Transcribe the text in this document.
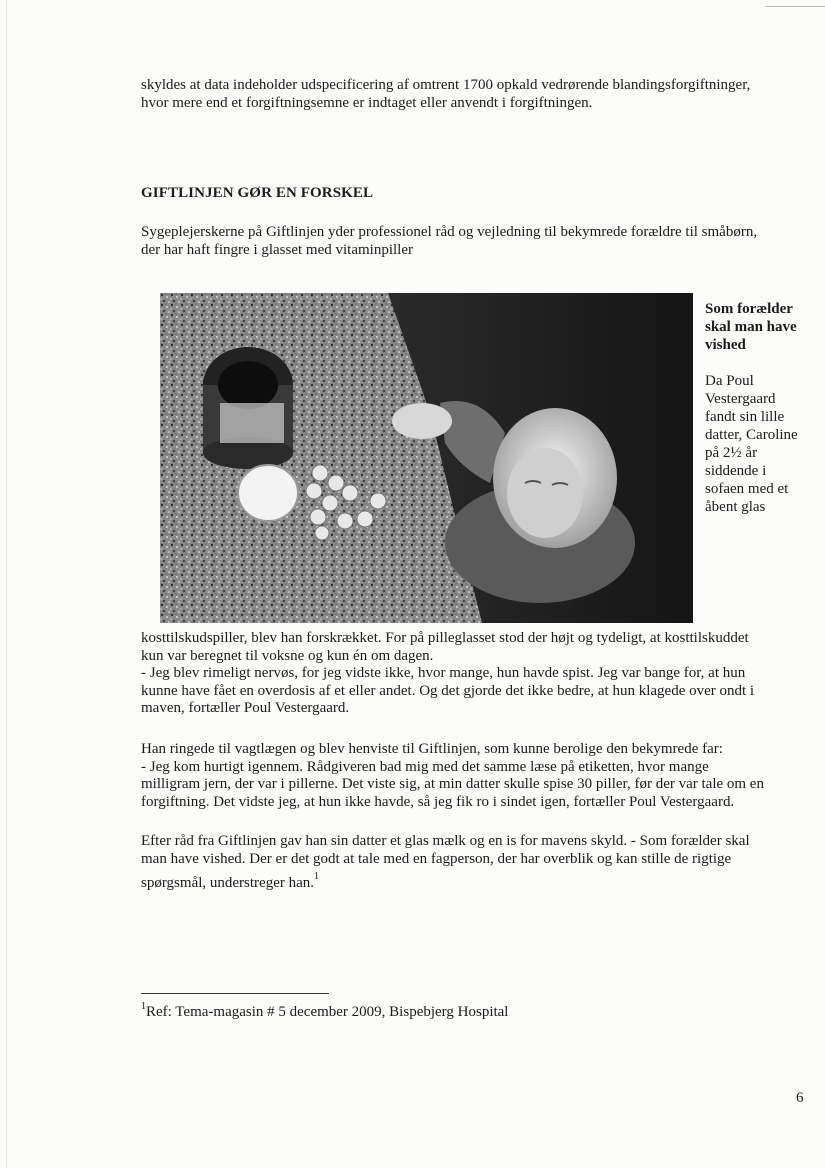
skyldes at data indeholder udspecificering af omtrent 1700 opkald vedrørende blandingsforgiftninger,
hvor mere end et forgiftningsemne er indtaget eller anvendt i forgiftningen.
GIFTLINJEN GØR EN FORSKEL
Sygeplejerskerne på Giftlinjen yder professionel råd og vejledning til bekymrede forældre til småbørn,
der har haft fingre i glasset med vitaminpiller
Som forælder
skal man have
vished
Da Poul
Vestergaard
fandt sin lille
datter, Caroline
på 2½ år
siddende i
sofaen med et
åbent glas
kosttilskudspiller, blev han forskrækket. For på pilleglasset stod der højt og tydeligt, at kosttilskuddet
kun var beregnet til voksne og kun én om dagen.
- Jeg blev rimeligt nervøs, for jeg vidste ikke, hvor mange, hun havde spist. Jeg var bange for, at hun
kunne have fået en overdosis af et eller andet. Og det gjorde det ikke bedre, at hun klagede over ondt i
maven, fortæller Poul Vestergaard.
Han ringede til vagtlægen og blev henviste til Giftlinjen, som kunne berolige den bekymrede far:
- Jeg kom hurtigt igennem. Rådgiveren bad mig med det samme læse på etiketten, hvor mange
milligram jern, der var i pillerne. Det viste sig, at min datter skulle spise 30 piller, før der var tale om en
forgiftning. Det vidste jeg, at hun ikke havde, så jeg fik ro i sindet igen, fortæller Poul Vestergaard.
Efter råd fra Giftlinjen gav han sin datter et glas mælk og en is for mavens skyld. - Som forælder skal
man have vished. Der er det godt at tale med en fagperson, der har overblik og kan stille de rigtige
spørgsmål, understreger han.$^1$
$^1$Ref: Tema-magasin # 5 december 2009, Bispebjerg Hospital
6
